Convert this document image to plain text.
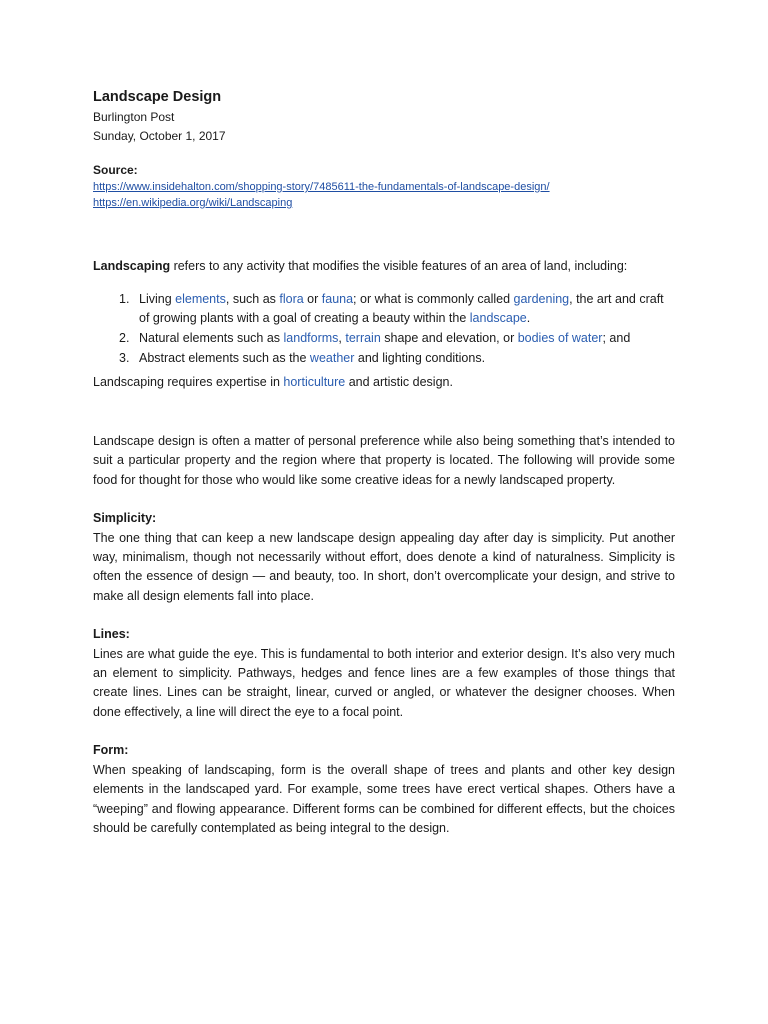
Landscape Design

Burlington Post

Sunday, October 1, 2017

Source:
https://www.insidehalton.com/shopping-story/7485611-the-fundamentals-of-landscape-design/
https://en.wikipedia.org/wiki/Landscaping

Landscaping refers to any activity that modifies the visible features of an area of land, including:

1. Living elements, such as flora or fauna; or what is commonly called gardening, the art and craft of growing plants with a goal of creating a beauty within the landscape.
2. Natural elements such as landforms, terrain shape and elevation, or bodies of water; and
3. Abstract elements such as the weather and lighting conditions.

Landscaping requires expertise in horticulture and artistic design.

Landscape design is often a matter of personal preference while also being something that’s intended to suit a particular property and the region where that property is located. The following will provide some food for thought for those who would like some creative ideas for a newly landscaped property.

Simplicity:

The one thing that can keep a new landscape design appealing day after day is simplicity. Put another way, minimalism, though not necessarily without effort, does denote a kind of naturalness. Simplicity is often the essence of design — and beauty, too. In short, don’t overcomplicate your design, and strive to make all design elements fall into place.

Lines:

Lines are what guide the eye. This is fundamental to both interior and exterior design. It’s also very much an element to simplicity. Pathways, hedges and fence lines are a few examples of those things that create lines. Lines can be straight, linear, curved or angled, or whatever the designer chooses. When done effectively, a line will direct the eye to a focal point.

Form:

When speaking of landscaping, form is the overall shape of trees and plants and other key design elements in the landscaped yard. For example, some trees have erect vertical shapes. Others have a “weeping” and flowing appearance. Different forms can be combined for different effects, but the choices should be carefully contemplated as being integral to the design.
